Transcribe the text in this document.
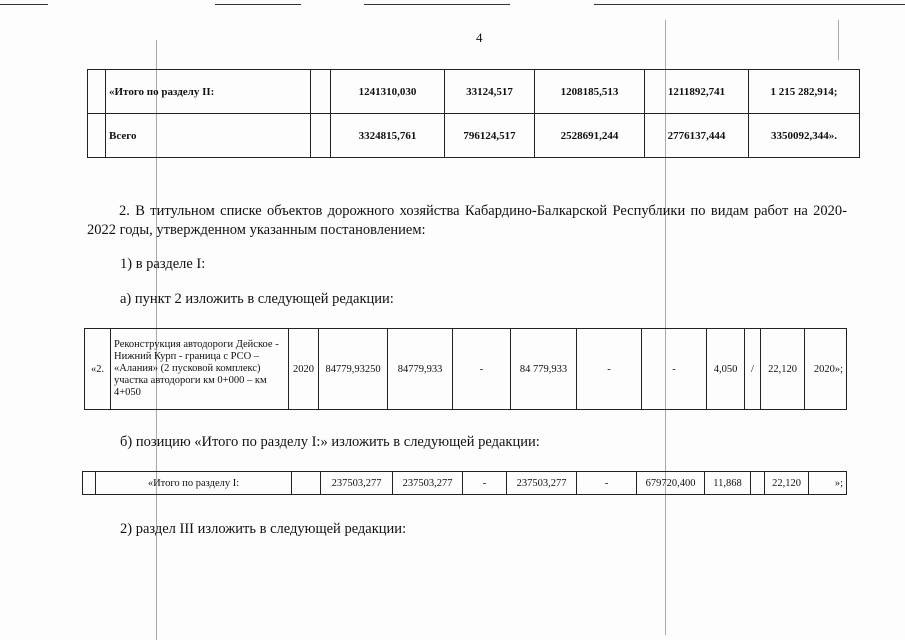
4
	«Итого по разделу II:		1241310,030	33124,517	1208185,513	1211892,741	1 215 282,914;
	Всего		3324815,761	796124,517	2528691,244	2776137,444	3350092,344».
2. В титульном списке объектов дорожного хозяйства Кабардино-Балкарской Республики по видам работ на 2020-2022 годы, утвержденном указанным постановлением:
1) в разделе I:
а) пункт 2 изложить в следующей редакции:
«2.	Реконструкция автодороги Дейское - Нижний Курп - граница с РСО – «Алания» (2 пусковой комплекс) участка автодороги км 0+000 – км 4+050	2020	84779,93250	84779,933	-	84 779,933	-	-	4,050	/	22,120	2020»;
б) позицию «Итого по разделу I:» изложить в следующей редакции:
	«Итого по разделу I:		237503,277	237503,277	-	237503,277	-	679720,400	11,868		22,120	»;
2) раздел III изложить в следующей редакции:
